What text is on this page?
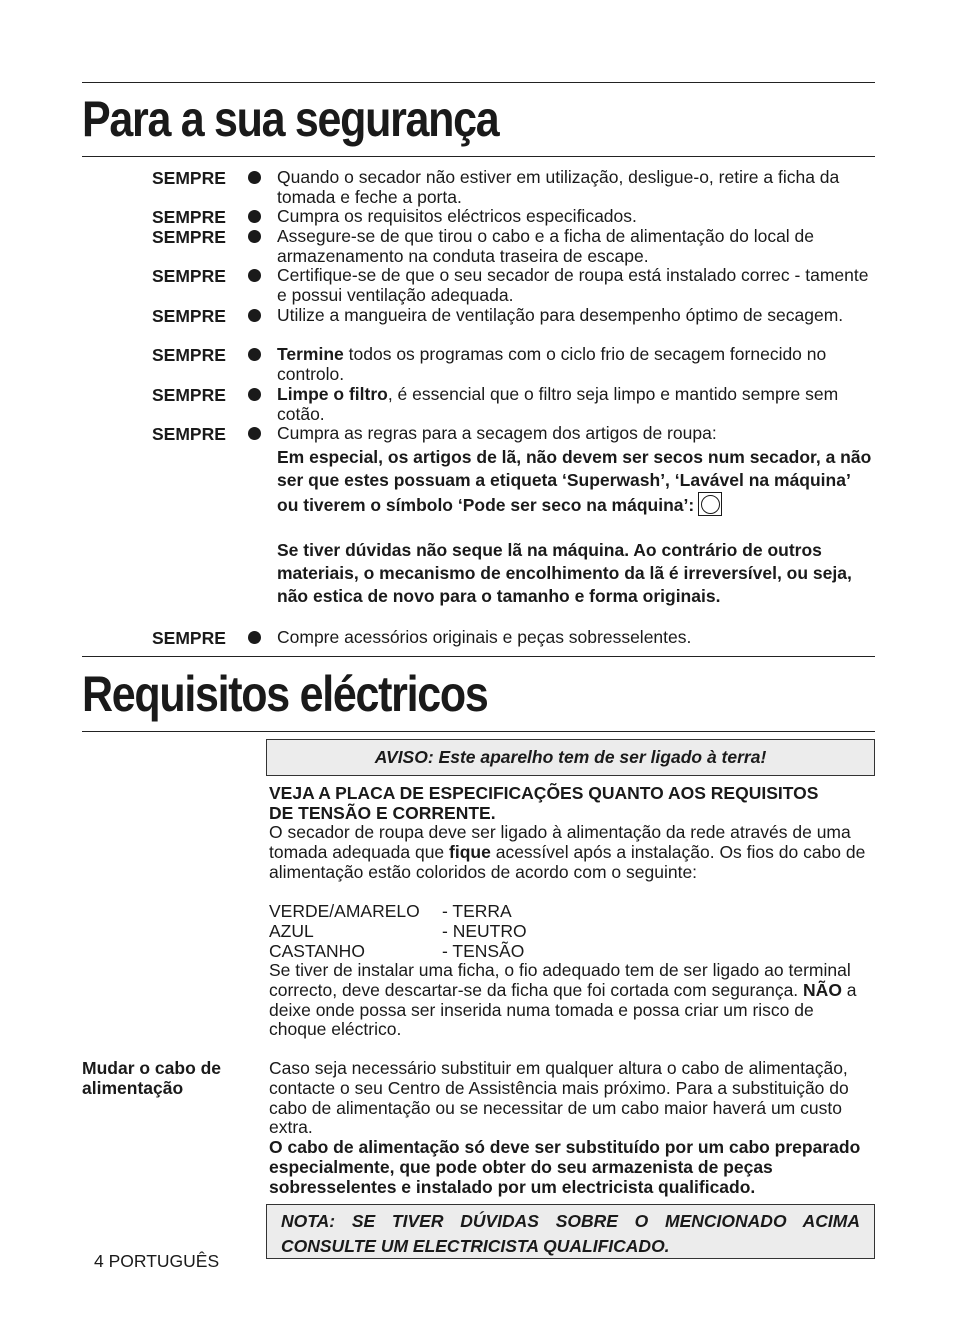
Para a sua segurança
SEMPRE	Quando o secador não estiver em utilização, desligue-o, retire a ficha da tomada e feche a porta.
SEMPRE	Cumpra os requisitos eléctricos especificados.
SEMPRE	Assegure-se de que tirou o cabo e a ficha de alimentação do local de armazenamento na conduta traseira de escape.
SEMPRE	Certifique-se de que o seu secador de roupa está instalado correc - tamente e possui ventilação adequada.
SEMPRE	Utilize a mangueira de ventilação para desempenho óptimo de secagem.
SEMPRE	Termine todos os programas com o ciclo frio de secagem fornecido no controlo.
SEMPRE	Limpe o filtro, é essencial que o filtro seja limpo e mantido sempre sem cotão.
SEMPRE	Cumpra as regras para a secagem dos artigos de roupa:
Em especial, os artigos de lã, não devem ser secos num secador, a não ser que estes possuam a etiqueta ‘Superwash’, ‘Lavável na máquina’ ou tiverem o símbolo ‘Pode ser seco na máquina’:
Se tiver dúvidas não seque lã na máquina. Ao contrário de outros materiais, o mecanismo de encolhimento da lã é irreversível, ou seja, não estica de novo para o tamanho e forma originais.
SEMPRE	Compre acessórios originais e peças sobresselentes.
Requisitos eléctricos
AVISO: Este aparelho tem de ser ligado à terra!
VEJA A PLACA DE ESPECIFICAÇÕES QUANTO AOS REQUISITOS DE TENSÃO E CORRENTE.
O secador de roupa deve ser ligado à alimentação da rede através de uma tomada adequada que fique acessível após a instalação. Os fios do cabo de alimentação estão coloridos de acordo com o seguinte:
VERDE/AMARELO - TERRA
AZUL	- NEUTRO
CASTANHO	- TENSÃO
Se tiver de instalar uma ficha, o fio adequado tem de ser ligado ao terminal correcto, deve descartar-se da ficha que foi cortada com segurança. NÃO a deixe onde possa ser inserida numa tomada e possa criar um risco de choque eléctrico.
Mudar o cabo de alimentação
Caso seja necessário substituir em qualquer altura o cabo de alimentação, contacte o seu Centro de Assistência mais próximo. Para a substituição do cabo de alimentação ou se necessitar de um cabo maior haverá um custo extra.
O cabo de alimentação só deve ser substituído por um cabo preparado especialmente, que pode obter do seu armazenista de peças sobresselentes e instalado por um electricista qualificado.
NOTA: SE TIVER DÚVIDAS SOBRE O MENCIONADO ACIMA CONSULTE UM ELECTRICISTA QUALIFICADO.
4 PORTUGUÊS
